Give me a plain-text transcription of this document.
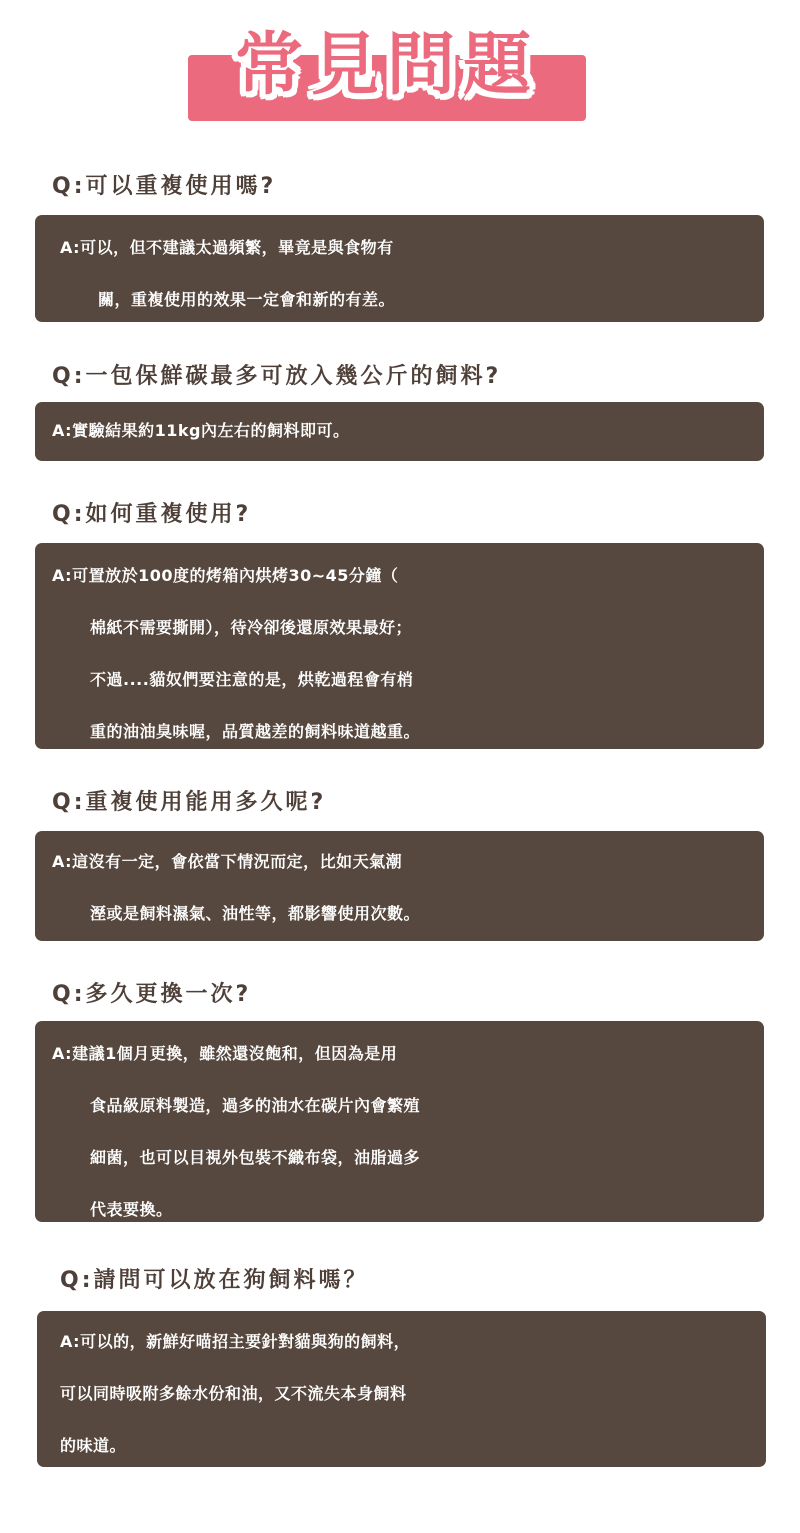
常見問題
Q:可以重複使用嗎?
A:可以，但不建議太過頻繁，畢竟是與食物有
關，重複使用的效果一定會和新的有差。
Q:一包保鮮碳最多可放入幾公斤的飼料?
A:實驗結果約11kg內左右的飼料即可。
Q:如何重複使用?
A:可置放於100度的烤箱內烘烤30~45分鐘（
棉紙不需要撕開），待冷卻後還原效果最好；
不過....貓奴們要注意的是，烘乾過程會有梢
重的油油臭味喔，品質越差的飼料味道越重。
Q:重複使用能用多久呢?
A:這沒有一定，會依當下情況而定，比如天氣潮
溼或是飼料濕氣、油性等，都影響使用次數。
Q:多久更換一次?
A:建議1個月更換，雖然還沒飽和，但因為是用
食品級原料製造，過多的油水在碳片內會繁殖
細菌，也可以目視外包裝不織布袋，油脂過多
代表要換。
Q:請問可以放在狗飼料嗎？
A:可以的，新鮮好喵招主要針對貓與狗的飼料，
可以同時吸附多餘水份和油，又不流失本身飼料
的味道。
